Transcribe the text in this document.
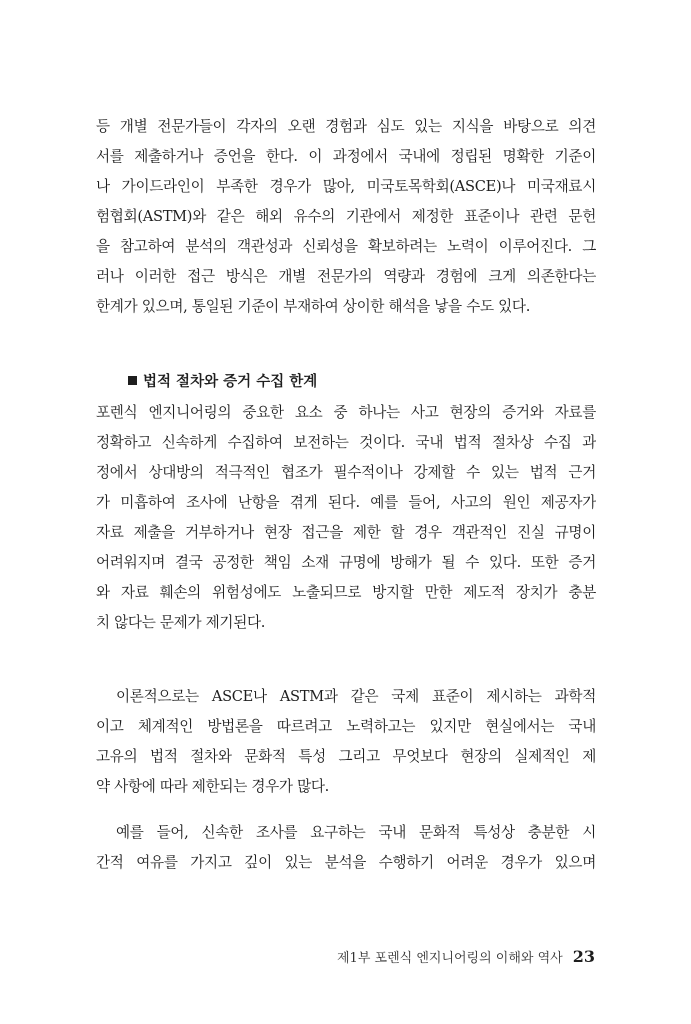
등 개별 전문가들이 각자의 오랜 경험과 심도 있는 지식을 바탕으로 의견
서를 제출하거나 증언을 한다. 이 과정에서 국내에 정립된 명확한 기준이
나 가이드라인이 부족한 경우가 많아, 미국토목학회(ASCE)나 미국재료시
험협회(ASTM)와 같은 해외 유수의 기관에서 제정한 표준이나 관련 문헌
을 참고하여 분석의 객관성과 신뢰성을 확보하려는 노력이 이루어진다. 그
러나 이러한 접근 방식은 개별 전문가의 역량과 경험에 크게 의존한다는
한계가 있으며, 통일된 기준이 부재하여 상이한 해석을 낳을 수도 있다.
법적 절차와 증거 수집 한계
포렌식 엔지니어링의 중요한 요소 중 하나는 사고 현장의 증거와 자료를
정확하고 신속하게 수집하여 보전하는 것이다. 국내 법적 절차상 수집 과
정에서 상대방의 적극적인 협조가 필수적이나 강제할 수 있는 법적 근거
가 미흡하여 조사에 난항을 겪게 된다. 예를 들어, 사고의 원인 제공자가
자료 제출을 거부하거나 현장 접근을 제한 할 경우 객관적인 진실 규명이
어려워지며 결국 공정한 책임 소재 규명에 방해가 될 수 있다. 또한 증거
와 자료 훼손의 위험성에도 노출되므로 방지할 만한 제도적 장치가 충분
치 않다는 문제가 제기된다.
이론적으로는 ASCE나 ASTM과 같은 국제 표준이 제시하는 과학적
이고 체계적인 방법론을 따르려고 노력하고는 있지만 현실에서는 국내
고유의 법적 절차와 문화적 특성 그리고 무엇보다 현장의 실제적인 제
약 사항에 따라 제한되는 경우가 많다.
예를 들어, 신속한 조사를 요구하는 국내 문화적 특성상 충분한 시
간적 여유를 가지고 깊이 있는 분석을 수행하기 어려운 경우가 있으며
제1부 포렌식 엔지니어링의 이해와 역사 23
